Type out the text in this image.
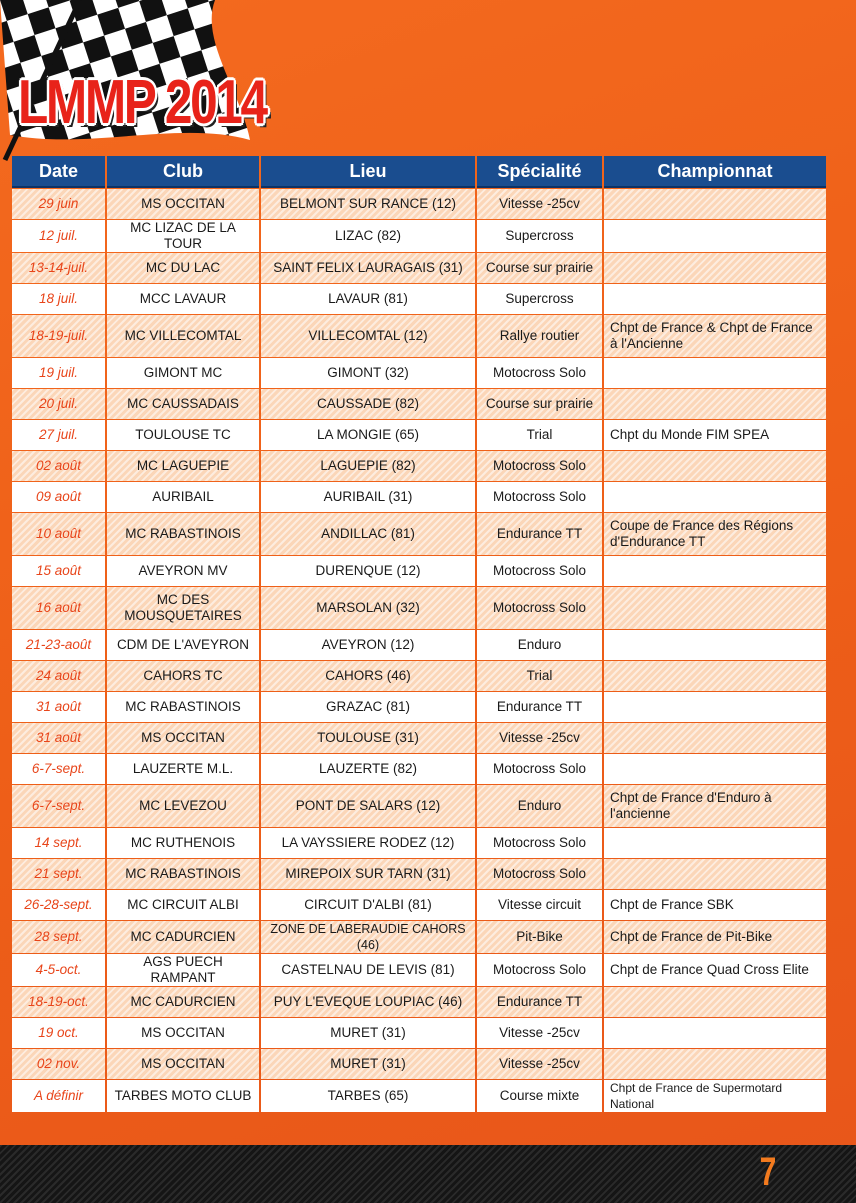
LMMP 2014
Date	Club	Lieu	Spécialité	Championnat
29 juin	MS OCCITAN	BELMONT SUR RANCE (12)	Vitesse -25cv	
12 juil.	MC LIZAC DE LA TOUR	LIZAC (82)	Supercross	
13-14-juil.	MC DU LAC	SAINT FELIX LAURAGAIS (31)	Course sur prairie	
18 juil.	MCC LAVAUR	LAVAUR (81)	Supercross	
18-19-juil.	MC VILLECOMTAL	VILLECOMTAL (12)	Rallye routier	Chpt de France & Chpt de France à l'Ancienne
19 juil.	GIMONT MC	GIMONT (32)	Motocross Solo	
20 juil.	MC CAUSSADAIS	CAUSSADE (82)	Course sur prairie	
27 juil.	TOULOUSE TC	LA MONGIE (65)	Trial	Chpt du Monde FIM SPEA
02 août	MC LAGUEPIE	LAGUEPIE (82)	Motocross Solo	
09 août	AURIBAIL	AURIBAIL (31)	Motocross Solo	
10 août	MC RABASTINOIS	ANDILLAC (81)	Endurance TT	Coupe de France des Régions d'Endurance TT
15 août	AVEYRON MV	DURENQUE (12)	Motocross Solo	
16 août	MC DES MOUSQUETAIRES	MARSOLAN (32)	Motocross Solo	
21-23-août	CDM DE L'AVEYRON	AVEYRON (12)	Enduro	
24 août	CAHORS TC	CAHORS (46)	Trial	
31 août	MC RABASTINOIS	GRAZAC (81)	Endurance TT	
31 août	MS OCCITAN	TOULOUSE (31)	Vitesse -25cv	
6-7-sept.	LAUZERTE M.L.	LAUZERTE (82)	Motocross Solo	
6-7-sept.	MC LEVEZOU	PONT DE SALARS (12)	Enduro	Chpt de France d'Enduro à l'ancienne
14 sept.	MC RUTHENOIS	LA VAYSSIERE RODEZ (12)	Motocross Solo	
21 sept.	MC RABASTINOIS	MIREPOIX SUR TARN (31)	Motocross Solo	
26-28-sept.	MC CIRCUIT ALBI	CIRCUIT D'ALBI (81)	Vitesse circuit	Chpt de France SBK
28 sept.	MC CADURCIEN	ZONE DE LABERAUDIE CAHORS (46)	Pit-Bike	Chpt de France de Pit-Bike
4-5-oct.	AGS PUECH RAMPANT	CASTELNAU DE LEVIS (81)	Motocross Solo	Chpt de France Quad Cross Elite
18-19-oct.	MC CADURCIEN	PUY L'EVEQUE LOUPIAC (46)	Endurance TT	
19 oct.	MS OCCITAN	MURET (31)	Vitesse -25cv	
02 nov.	MS OCCITAN	MURET (31)	Vitesse -25cv	
A définir	TARBES MOTO CLUB	TARBES (65)	Course mixte	Chpt de France de Supermotard National
7
